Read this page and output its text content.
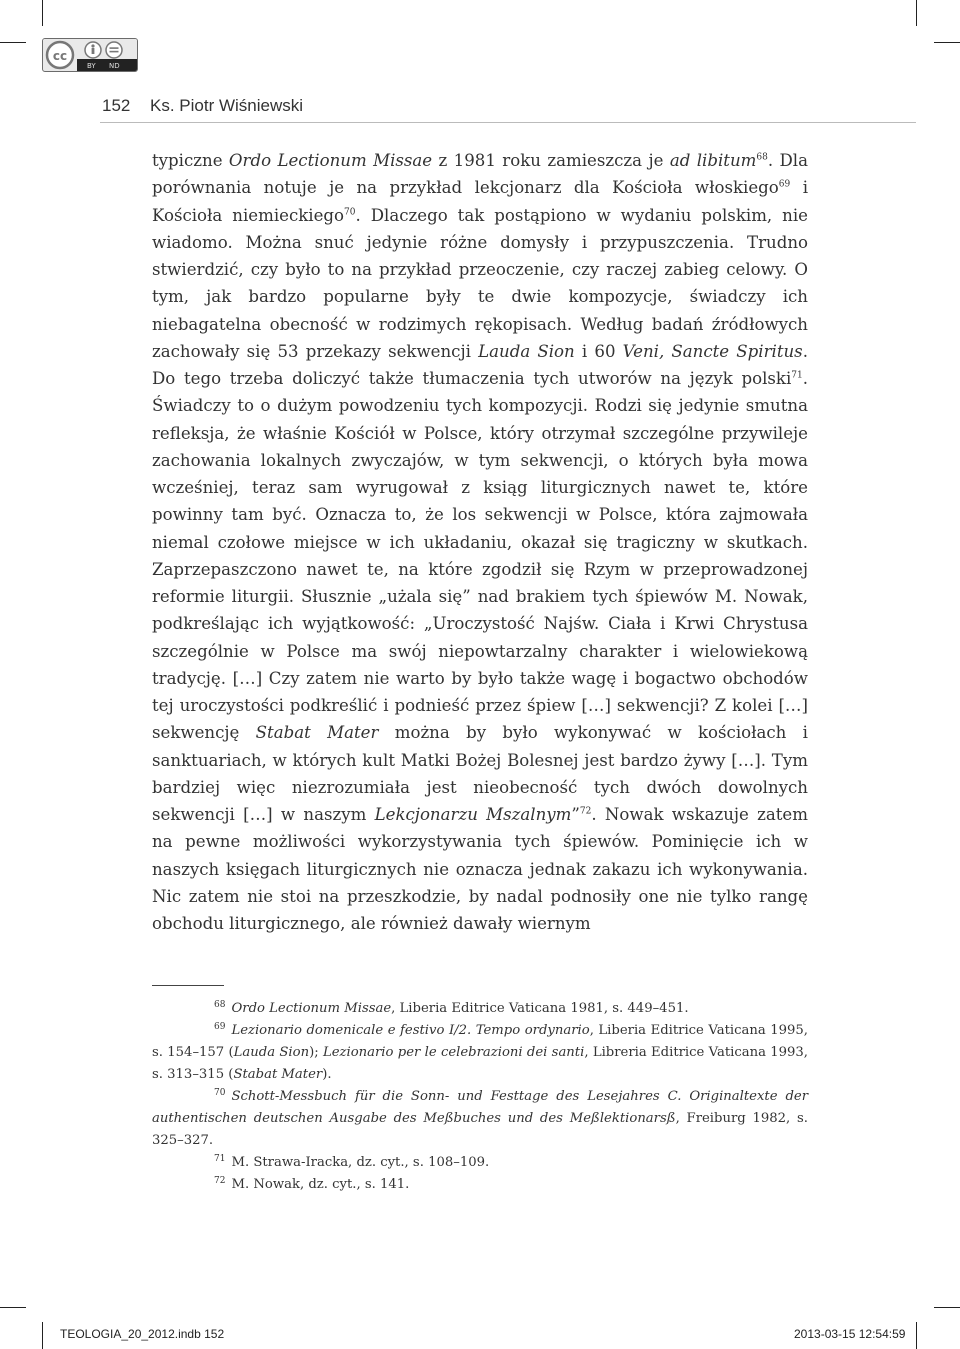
cc
BY ND
152 Ks. Piotr Wiśniewski
typiczne Ordo Lectionum Missae z 1981 roku zamieszcza je ad libitum$^{68}$. Dla porównania notuje je na przykład lekcjonarz dla Kościoła włoskiego$^{69}$ i Kościoła niemieckiego$^{70}$. Dlaczego tak postąpiono w wydaniu polskim, nie wiadomo. Można snuć jedynie różne domysły i przypuszczenia. Trudno stwierdzić, czy było to na przykład przeoczenie, czy raczej zabieg celowy. O tym, jak bardzo popularne były te dwie kompozycje, świadczy ich niebagatelna obecność w rodzimych rękopisach. Według badań źródłowych zachowały się 53 przekazy sekwencji Lauda Sion i 60 Veni, Sancte Spiritus. Do tego trzeba doliczyć także tłumaczenia tych utworów na język polski$^{71}$. Świadczy to o dużym powodzeniu tych kompozycji. Rodzi się jedynie smutna refleksja, że właśnie Kościół w Polsce, który otrzymał szczególne przywileje zachowania lokalnych zwyczajów, w tym sekwencji, o których była mowa wcześniej, teraz sam wyrugował z ksiąg liturgicznych nawet te, które powinny tam być. Oznacza to, że los sekwencji w Polsce, która zajmowała niemal czołowe miejsce w ich układaniu, okazał się tragiczny w skutkach. Zaprzepaszczono nawet te, na które zgodził się Rzym w przeprowadzonej reformie liturgii. Słusznie „użala się” nad brakiem tych śpiewów M. Nowak, podkreślając ich wyjątkowość: „Uroczystość Najśw. Ciała i Krwi Chrystusa szczególnie w Polsce ma swój niepowtarzalny charakter i wielowiekową tradycję. […] Czy zatem nie warto by było także wagę i bogactwo obchodów tej uroczystości podkreślić i podnieść przez śpiew […] sekwencji? Z kolei […] sekwencję Stabat Mater można by było wykonywać w kościołach i sanktuariach, w których kult Matki Bożej Bolesnej jest bardzo żywy […]. Tym bardziej więc niezrozumiała jest nieobecność tych dwóch dowolnych sekwencji […] w naszym Lekcjonarzu Mszalnym”$^{72}$. Nowak wskazuje zatem na pewne możliwości wykorzystywania tych śpiewów. Pominięcie ich w naszych księgach liturgicznych nie oznacza jednak zakazu ich wykonywania. Nic zatem nie stoi na przeszkodzie, by nadal podnosiły one nie tylko rangę obchodu liturgicznego, ale również dawały wiernym

$^{68}$ Ordo Lectionum Missae, Liberia Editrice Vaticana 1981, s. 449–451.

$^{69}$ Lezionario domenicale e festivo I/2. Tempo ordynario, Liberia Editrice Vaticana 1995, s. 154–157 (Lauda Sion); Lezionario per le celebrazioni dei santi, Libreria Editrice Vaticana 1993, s. 313–315 (Stabat Mater).

$^{70}$ Schott-Messbuch für die Sonn- und Festtage des Lesejahres C. Originaltexte der authentischen deutschen Ausgabe des Meßbuches und des Meßlektionarsß, Freiburg 1982, s. 325–327.

$^{71}$ M. Strawa-Iracka, dz. cyt., s. 108–109.

$^{72}$ M. Nowak, dz. cyt., s. 141.

TEOLOGIA_20_2012.indb 152	2013-03-15 12:54:59
